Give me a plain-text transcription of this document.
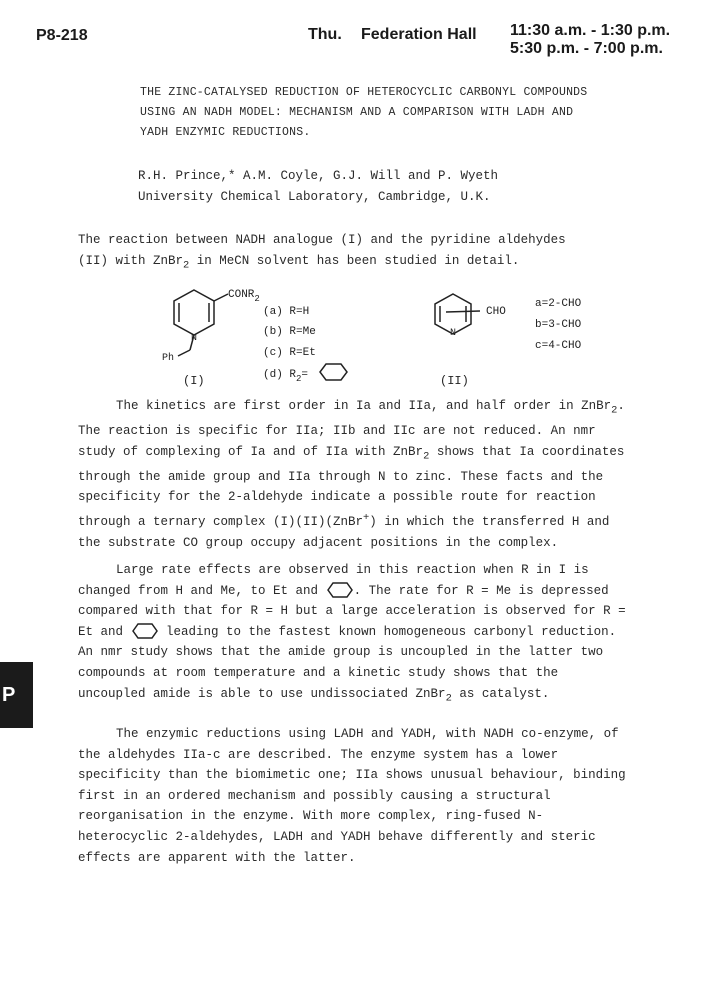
P8-218	Thu. Federation Hall 11:30 a.m. - 1:30 p.m.
5:30 p.m. - 7:00 p.m.
THE ZINC-CATALYSED REDUCTION OF HETEROCYCLIC CARBONYL COMPOUNDS
USING AN NADH MODEL: MECHANISM AND A COMPARISON WITH LADH AND
YADH ENZYMIC REDUCTIONS.
R.H. Prince,* A.M. Coyle, G.J. Will and P. Wyeth
University Chemical Laboratory, Cambridge, U.K.
The reaction between NADH analogue (I) and the pyridine aldehydes
(II) with ZnBr$_2$ in MeCN solvent has been studied in detail.
$CONR_2$
N
Ph
(I)
(a) R=H
(b) R=Me
(c) R=Et
(d) $R_2=$
N
CHO
(II)
a=2-CHO
b=3-CHO
c=4-CHO
The kinetics are first order in Ia and IIa, and half order in ZnBr$_2$.
The reaction is specific for IIa; IIb and IIc are not reduced. An nmr
study of complexing of Ia and of IIa with ZnBr$_2$ shows that Ia coordinates
through the amide group and IIa through N to zinc. These facts and the
specificity for the 2-aldehyde indicate a possible route for reaction
through a ternary complex (I)(II)(ZnBr+) in which the transferred H and
the substrate CO group occupy adjacent positions in the complex.
Large rate effects are observed in this reaction when R in I is
changed from H and Me, to Et and	. The rate for R = Me is depressed
compared with that for R = H but a large acceleration is observed for R =
Et and	leading to the fastest known homogeneous carbonyl reduction.
An nmr study shows that the amide group is uncoupled in the latter two
compounds at room temperature and a kinetic study shows that the
uncoupled amide is able to use undissociated ZnBr$_2$ as catalyst.
The enzymic reductions using LADH and YADH, with NADH co-enzyme, of
the aldehydes IIa-c are described. The enzyme system has a lower
specificity than the biomimetic one; IIa shows unusual behaviour, binding
first in an ordered mechanism and possibly causing a structural
reorganisation in the enzyme. With more complex, ring-fused N-
heterocyclic 2-aldehydes, LADH and YADH behave differently and steric
effects are apparent with the latter.
P
